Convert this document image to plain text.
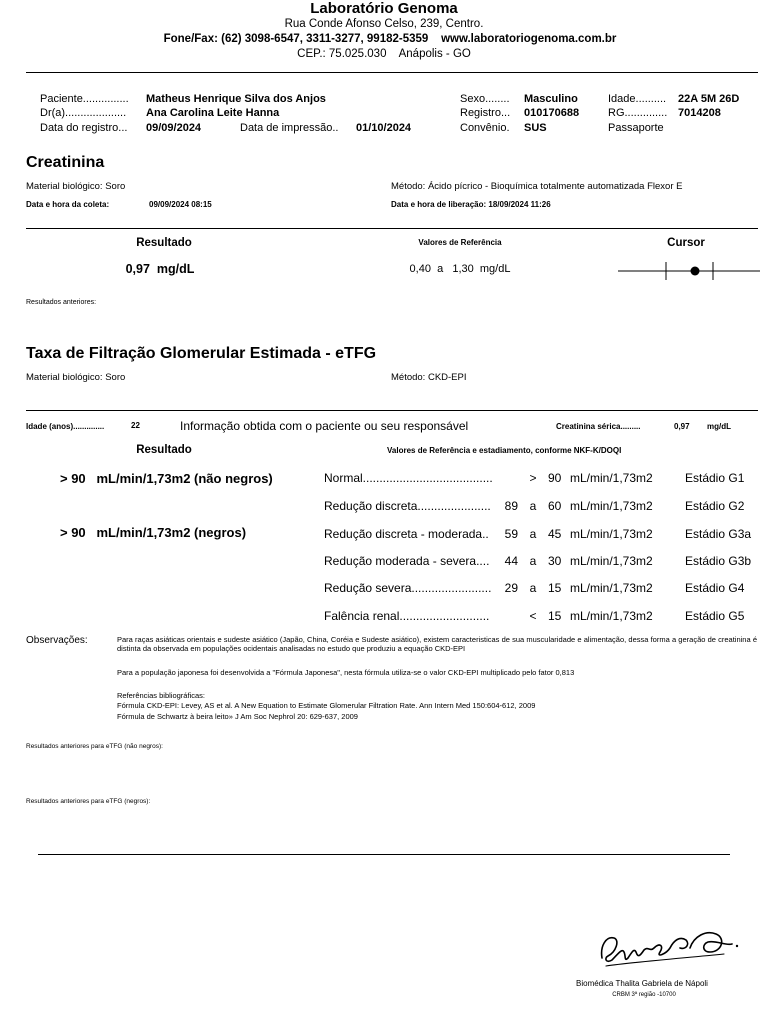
Laboratório Genoma
Rua Conde Afonso Celso, 239, Centro.
Fone/Fax: (62) 3098-6547, 3311-3277, 99182-5359    www.laboratoriogenoma.com.br
CEP.: 75.025.030    Anápolis - GO
Paciente............... Matheus Henrique Silva dos Anjos
Dr(a).................... Ana Carolina Leite Hanna
Data do registro... 09/09/2024	Data de impressão.. 01/10/2024
Sexo........ Masculino
Registro... 010170688
Convênio. SUS
Idade.......... 22A 5M 26D
RG.............. 7014208
Passaporte
Creatinina
Material biológico: Soro	Método: Ácido pícrico - Bioquímica totalmente automatizada Flexor E
Data e hora da coleta:	09/09/2024 08:15	Data e hora de liberação: 18/09/2024 11:26
Resultado	Valores de Referência	Cursor
0,97  mg/dL	0,40  a   1,30  mg/dL
Resultados anteriores:
Taxa de Filtração Glomerular Estimada - eTFG
Material biológico: Soro	Método: CKD-EPI
Idade (anos)..............	22	Informação obtida com o paciente ou seu responsável	Creatinina sérica.........	0,97 mg/dL
Resultado	Valores de Referência e estadiamento, conforme NKF-K/DOQI
> 90   mL/min/1,73m2 (não negros)
> 90   mL/min/1,73m2 (negros)
Normal.......................................	> 90 mL/min/1,73m2	Estádio G1
Redução discreta......................	89 a 60 mL/min/1,73m2	Estádio G2
Redução discreta - moderada..	59 a 45 mL/min/1,73m2	Estádio G3a
Redução moderada - severa....	44 a 30 mL/min/1,73m2	Estádio G3b
Redução severa........................	29 a 15 mL/min/1,73m2	Estádio G4
Falência renal...........................	< 15 mL/min/1,73m2	Estádio G5
Observações:	Para raças asiáticas orientais e sudeste asiático (Japão, China, Coréia e Sudeste asiático), existem caracteristicas de sua muscularidade e alimentação, dessa forma a geração de creatinina é distinta da observada em populações ocidentais analisadas no estudo que produziu a equação CKD-EPI
Para a população japonesa foi desenvolvida a "Fórmula Japonesa", nesta fórmula utiliza-se o valor CKD-EPI multiplicado pelo fator 0,813
Referências bibliográficas:
Fórmula CKD-EPI: Levey, AS et al. A New Equation to Estimate Glomerular Filtration Rate. Ann Intern Med 150:604-612, 2009
Fórmula de Schwartz à beira leito» J Am Soc Nephrol 20: 629-637, 2009
Resultados anteriores para eTFG (não negros):
Resultados anteriores para eTFG (negros):
Biomédica Thalita Gabriela de Nápoli
CRBM 3ª região -10700
